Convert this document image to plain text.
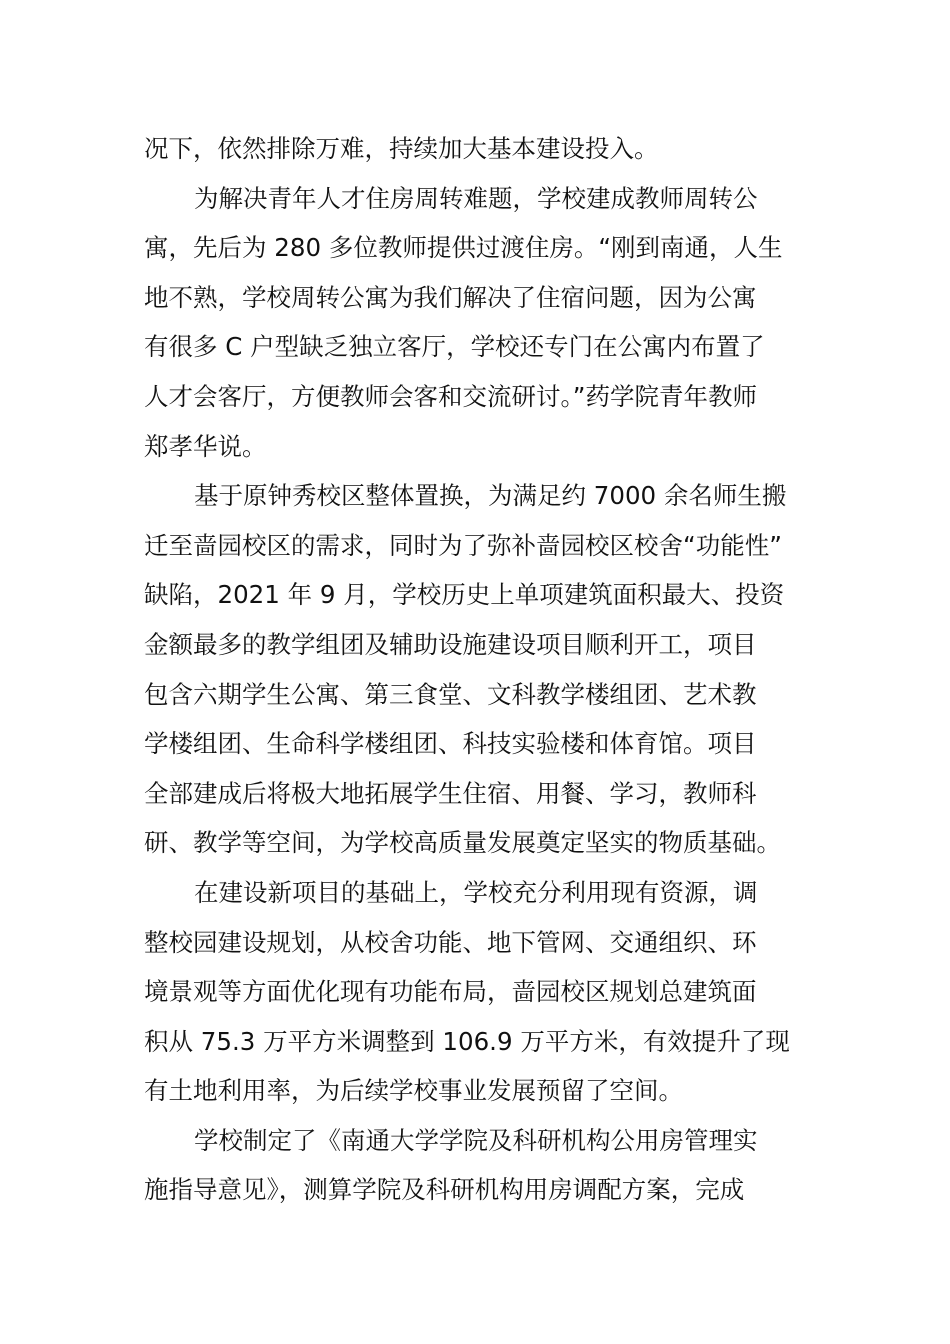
况下，依然排除万难，持续加大基本建设投入。
为解决青年人才住房周转难题，学校建成教师周转公
寓，先后为 280 多位教师提供过渡住房。“刚到南通，人生
地不熟，学校周转公寓为我们解决了住宿问题，因为公寓
有很多 C 户型缺乏独立客厅，学校还专门在公寓内布置了
人才会客厅，方便教师会客和交流研讨。”药学院青年教师
郑孝华说。
基于原钟秀校区整体置换，为满足约 7000 余名师生搬
迁至啬园校区的需求，同时为了弥补啬园校区校舍“功能性”
缺陷，2021 年 9 月，学校历史上单项建筑面积最大、投资
金额最多的教学组团及辅助设施建设项目顺利开工，项目
包含六期学生公寓、第三食堂、文科教学楼组团、艺术教
学楼组团、生命科学楼组团、科技实验楼和体育馆。项目
全部建成后将极大地拓展学生住宿、用餐、学习，教师科
研、教学等空间，为学校高质量发展奠定坚实的物质基础。
在建设新项目的基础上，学校充分利用现有资源，调
整校园建设规划，从校舍功能、地下管网、交通组织、环
境景观等方面优化现有功能布局，啬园校区规划总建筑面
积从 75.3 万平方米调整到 106.9 万平方米，有效提升了现
有土地利用率，为后续学校事业发展预留了空间。
学校制定了《南通大学学院及科研机构公用房管理实
施指导意见》，测算学院及科研机构用房调配方案，完成
